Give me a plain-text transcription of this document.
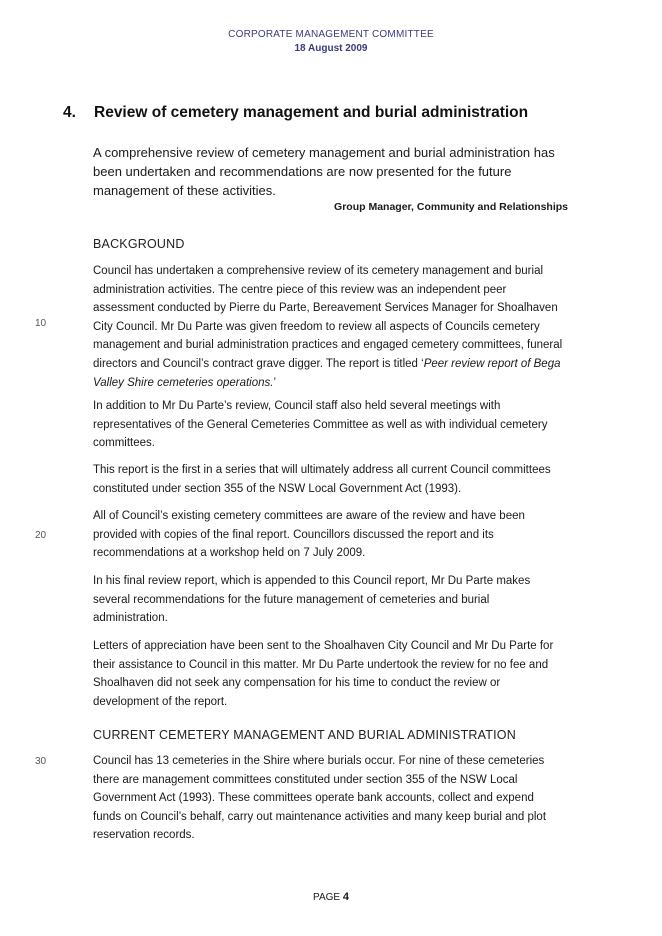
CORPORATE MANAGEMENT COMMITTEE
18 August 2009
4. Review of cemetery management and burial administration
A comprehensive review of cemetery management and burial administration has been undertaken and recommendations are now presented for the future management of these activities.
Group Manager, Community and Relationships
BACKGROUND

Council has undertaken a comprehensive review of its cemetery management and burial administration activities. The centre piece of this review was an independent peer assessment conducted by Pierre du Parte, Bereavement Services Manager for Shoalhaven City Council. Mr Du Parte was given freedom to review all aspects of Councils cemetery management and burial administration practices and engaged cemetery committees, funeral directors and Council’s contract grave digger. The report is titled ‘Peer review report of Bega Valley Shire cemeteries operations.’

In addition to Mr Du Parte’s review, Council staff also held several meetings with representatives of the General Cemeteries Committee as well as with individual cemetery committees.

This report is the first in a series that will ultimately address all current Council committees constituted under section 355 of the NSW Local Government Act (1993).

All of Council’s existing cemetery committees are aware of the review and have been provided with copies of the final report. Councillors discussed the report and its recommendations at a workshop held on 7 July 2009.

In his final review report, which is appended to this Council report, Mr Du Parte makes several recommendations for the future management of cemeteries and burial administration.

Letters of appreciation have been sent to the Shoalhaven City Council and Mr Du Parte for their assistance to Council in this matter. Mr Du Parte undertook the review for no fee and Shoalhaven did not seek any compensation for his time to conduct the review or development of the report.

CURRENT CEMETERY MANAGEMENT AND BURIAL ADMINISTRATION

Council has 13 cemeteries in the Shire where burials occur. For nine of these cemeteries there are management committees constituted under section 355 of the NSW Local Government Act (1993). These committees operate bank accounts, collect and expend funds on Council’s behalf, carry out maintenance activities and many keep burial and plot reservation records.

10
20
30
PAGE 4
